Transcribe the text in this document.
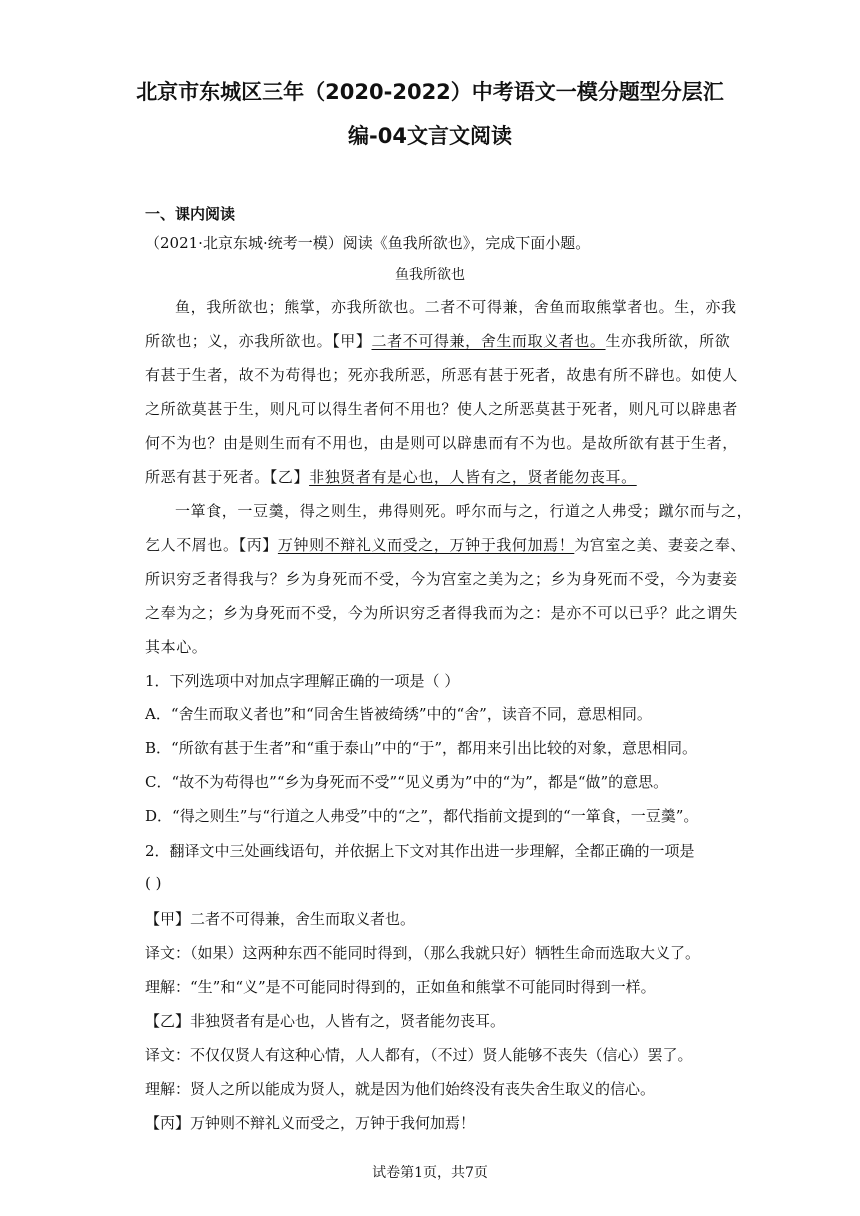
北京市东城区三年（2020-2022）中考语文一模分题型分层汇
编-04文言文阅读
一、课内阅读
（2021·北京东城·统考一模）阅读《鱼我所欲也》，完成下面小题。
鱼我所欲也
鱼，我所欲也；熊掌，亦我所欲也。二者不可得兼，舍鱼而取熊掌者也。生，亦我
所欲也；义，亦我所欲也。【甲】二者不可得兼，舍生而取义者也。生亦我所欲，所欲
有甚于生者，故不为苟得也；死亦我所恶，所恶有甚于死者，故患有所不辟也。如使人
之所欲莫甚于生，则凡可以得生者何不用也？使人之所恶莫甚于死者，则凡可以辟患者
何不为也？由是则生而有不用也，由是则可以辟患而有不为也。是故所欲有甚于生者，
所恶有甚于死者。【乙】非独贤者有是心也，人皆有之，贤者能勿丧耳。
一箪食，一豆羹，得之则生，弗得则死。呼尔而与之，行道之人弗受；蹴尔而与之，
乞人不屑也。【丙】万钟则不辩礼义而受之，万钟于我何加焉！为宫室之美、妻妾之奉、
所识穷乏者得我与？乡为身死而不受，今为宫室之美为之；乡为身死而不受，今为妻妾
之奉为之；乡为身死而不受，今为所识穷乏者得我而为之：是亦不可以已乎？此之谓失
其本心。
1．下列选项中对加点字理解正确的一项是（ ）
A．“舍生而取义者也”和“同舍生皆被绮绣”中的“舍”，读音不同，意思相同。
B．“所欲有甚于生者”和“重于泰山”中的“于”，都用来引出比较的对象，意思相同。
C．“故不为苟得也”“乡为身死而不受”“见义勇为”中的“为”，都是“做”的意思。
D．“得之则生”与“行道之人弗受”中的“之”，都代指前文提到的“一箪食，一豆羹”。
2．翻译文中三处画线语句，并依据上下文对其作出进一步理解，全都正确的一项是
( )
【甲】二者不可得兼，舍生而取义者也。
译文：（如果）这两种东西不能同时得到，（那么我就只好）牺牲生命而选取大义了。
理解：“生”和“义”是不可能同时得到的，正如鱼和熊掌不可能同时得到一样。
【乙】非独贤者有是心也，人皆有之，贤者能勿丧耳。
译文：不仅仅贤人有这种心情，人人都有，（不过）贤人能够不丧失（信心）罢了。
理解：贤人之所以能成为贤人，就是因为他们始终没有丧失舍生取义的信心。
【丙】万钟则不辩礼义而受之，万钟于我何加焉！
试卷第1页，共7页
